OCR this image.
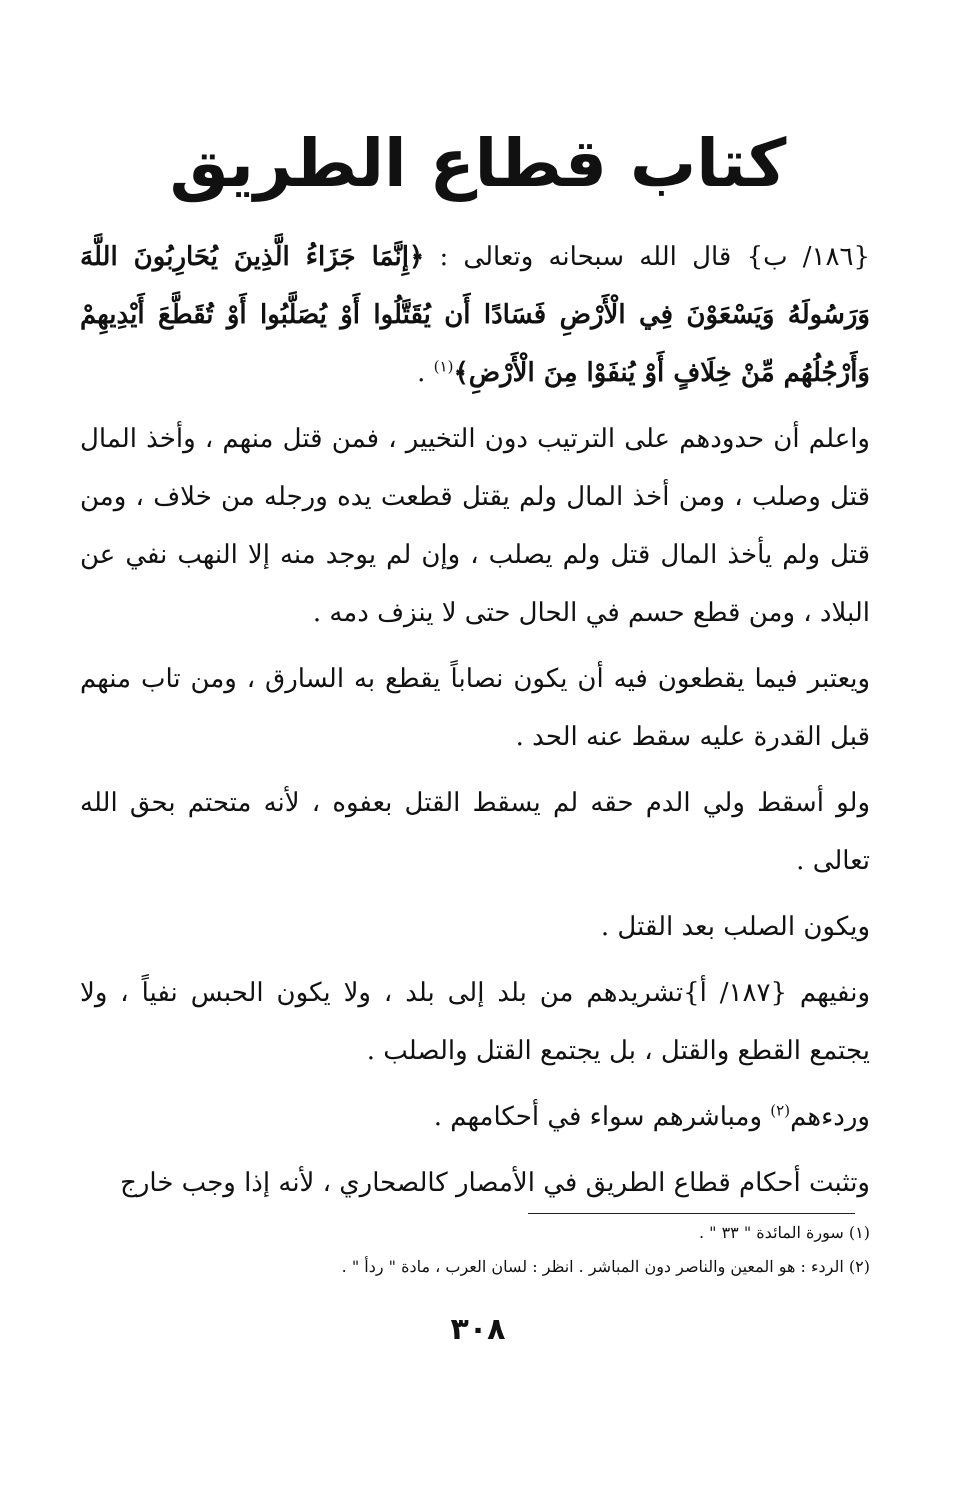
كتاب قطاع الطريق

{١٨٦/ ب} قال الله سبحانه وتعالى : ﴿إِنَّمَا جَزَاءُ الَّذِينَ يُحَارِبُونَ اللَّهَ وَرَسُولَهُ وَيَسْعَوْنَ فِي الْأَرْضِ فَسَادًا أَن يُقَتَّلُوا أَوْ يُصَلَّبُوا أَوْ تُقَطَّعَ أَيْدِيهِمْ وَأَرْجُلُهُم مِّنْ خِلَافٍ أَوْ يُنفَوْا مِنَ الْأَرْضِ﴾$^{(١)}$ .

واعلم أن حدودهم على الترتيب دون التخيير ، فمن قتل منهم ، وأخذ المال قتل وصلب ، ومن أخذ المال ولم يقتل قطعت يده ورجله من خلاف ، ومن قتل ولم يأخذ المال قتل ولم يصلب ، وإن لم يوجد منه إلا النهب نفي عن البلاد ، ومن قطع حسم في الحال حتى لا ينزف دمه .

ويعتبر فيما يقطعون فيه أن يكون نصاباً يقطع به السارق ، ومن تاب منهم قبل القدرة عليه سقط عنه الحد .

ولو أسقط ولي الدم حقه لم يسقط القتل بعفوه ، لأنه متحتم بحق الله تعالى .

ويكون الصلب بعد القتل .

ونفيهم {١٨٧/ أ}تشريدهم من بلد إلى بلد ، ولا يكون الحبس نفياً ، ولا يجتمع القطع والقتل ، بل يجتمع القتل والصلب .

وردءهم$^{(٢)}$ ومباشرهم سواء في أحكامهم .

وتثبت أحكام قطاع الطريق في الأمصار كالصحاري ، لأنه إذا وجب خارج

(١) سورة المائدة " ٣٣ " .
(٢) الردء : هو المعين والناصر دون المباشر . انظر : لسان العرب ، مادة " ردأ " .
٣٠٨
